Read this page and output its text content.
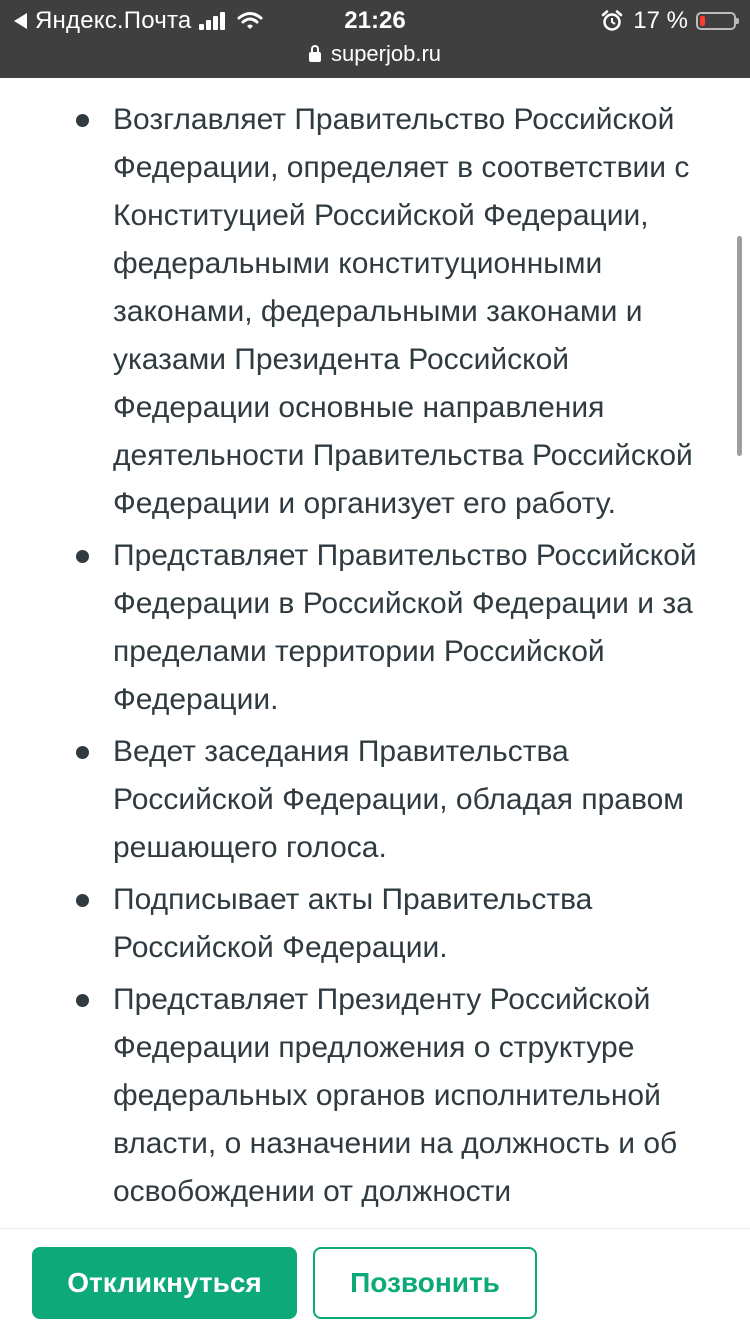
Яндекс.Почта	21:26	17 %
superjob.ru
Возглавляет Правительство Российской Федерации, определяет в соответствии с Конституцией Российской Федерации, федеральными конституционными законами, федеральными законами и указами Президента Российской Федерации основные направления деятельности Правительства Российской Федерации и организует его работу.
Представляет Правительство Российской Федерации в Российской Федерации и за пределами территории Российской Федерации.
Ведет заседания Правительства Российской Федерации, обладая правом решающего голоса.
Подписывает акты Правительства Российской Федерации.
Представляет Президенту Российской Федерации предложения о структуре федеральных органов исполнительной власти, о назначении на должность и об освобождении от должности
Откликнуться	Позвонить
